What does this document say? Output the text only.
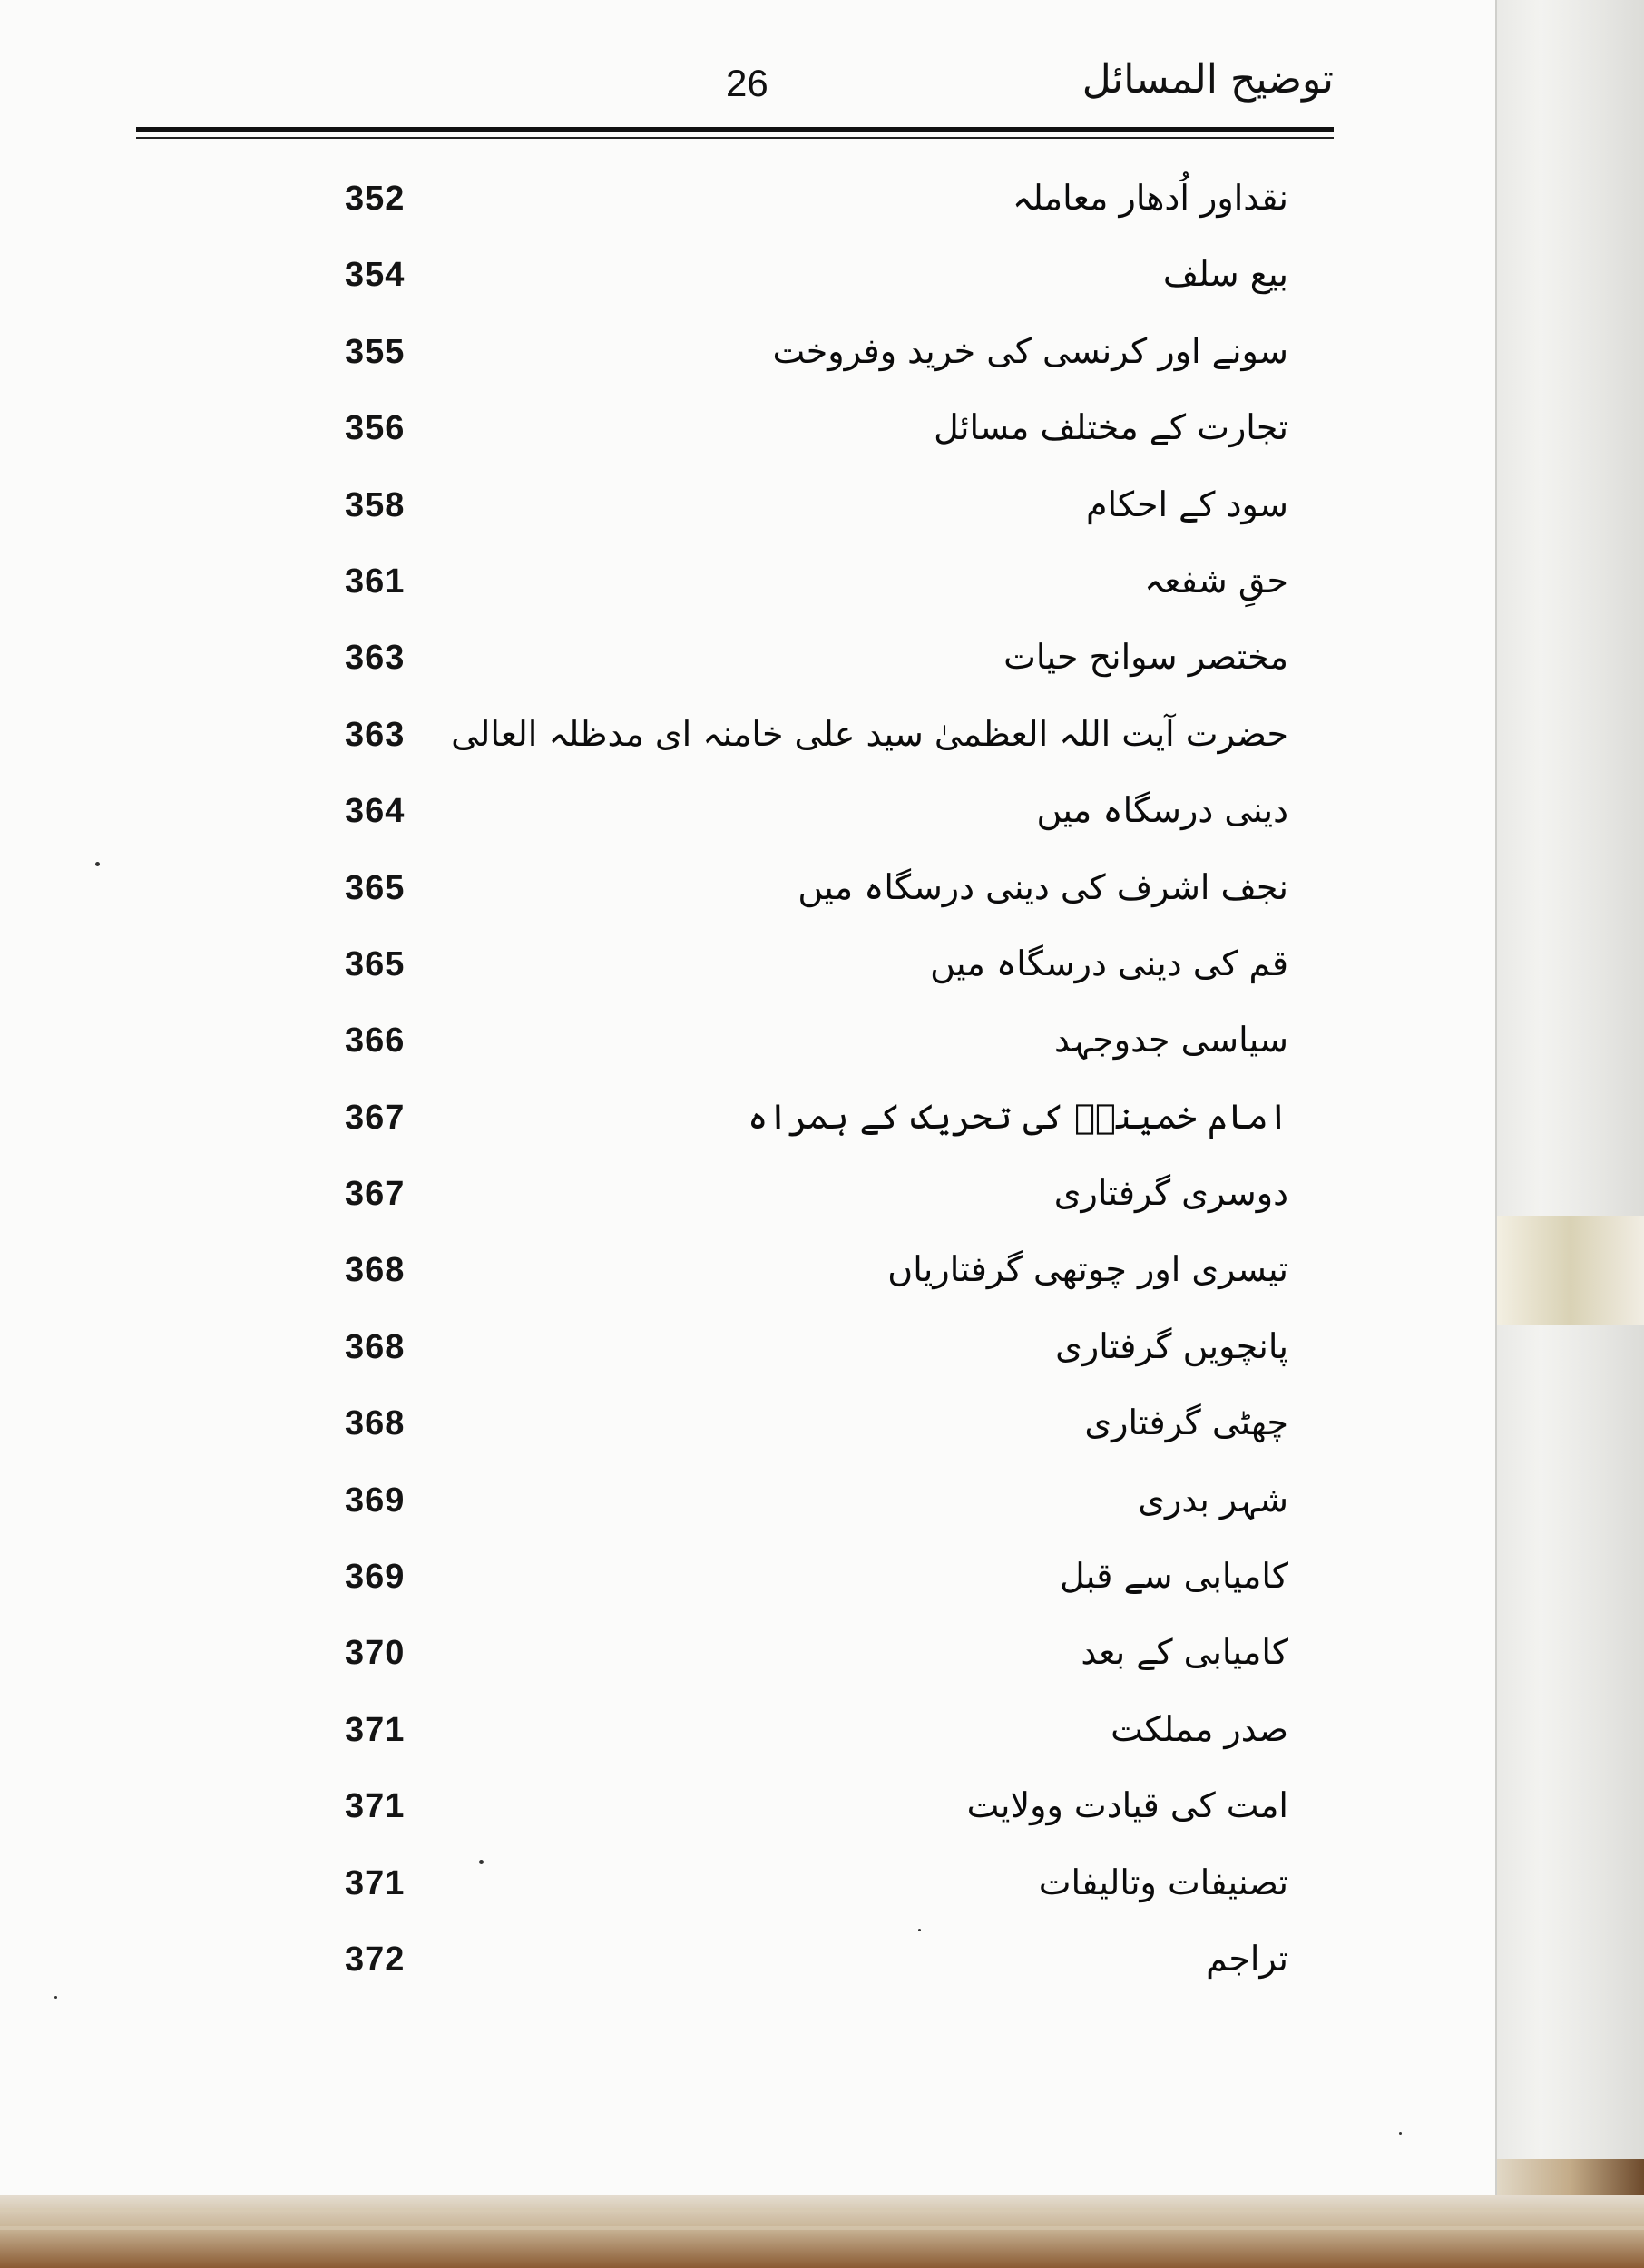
26	توضیح المسائل
352	نقداور اُدھار معاملہ
354	بیع سلف
355	سونے اور کرنسی کی خرید وفروخت
356	تجارت کے مختلف مسائل
358	سود کے احکام
361	حقِ شفعہ
363	مختصر سوانح حیات
363 حضرت آیت اللہ العظمیٰ سید علی خامنہ ای مدظلہ العالی
364	دینی درسگاہ میں
365	نجف اشرف کی دینی درسگاہ میں
365	قم کی دینی درسگاہ میں
366	سیاسی جدوجہد
367	امام خمینیؒ کی تحریک کے ہمراہ
367	دوسری گرفتاری
368	تیسری اور چوتھی گرفتاریاں
368	پانچویں گرفتاری
368	چھٹی گرفتاری
369	شہر بدری
369	کامیابی سے قبل
370	کامیابی کے بعد
371	صدر مملکت
371	امت کی قیادت وولایت
371	تصنیفات وتالیفات
372	تراجم
